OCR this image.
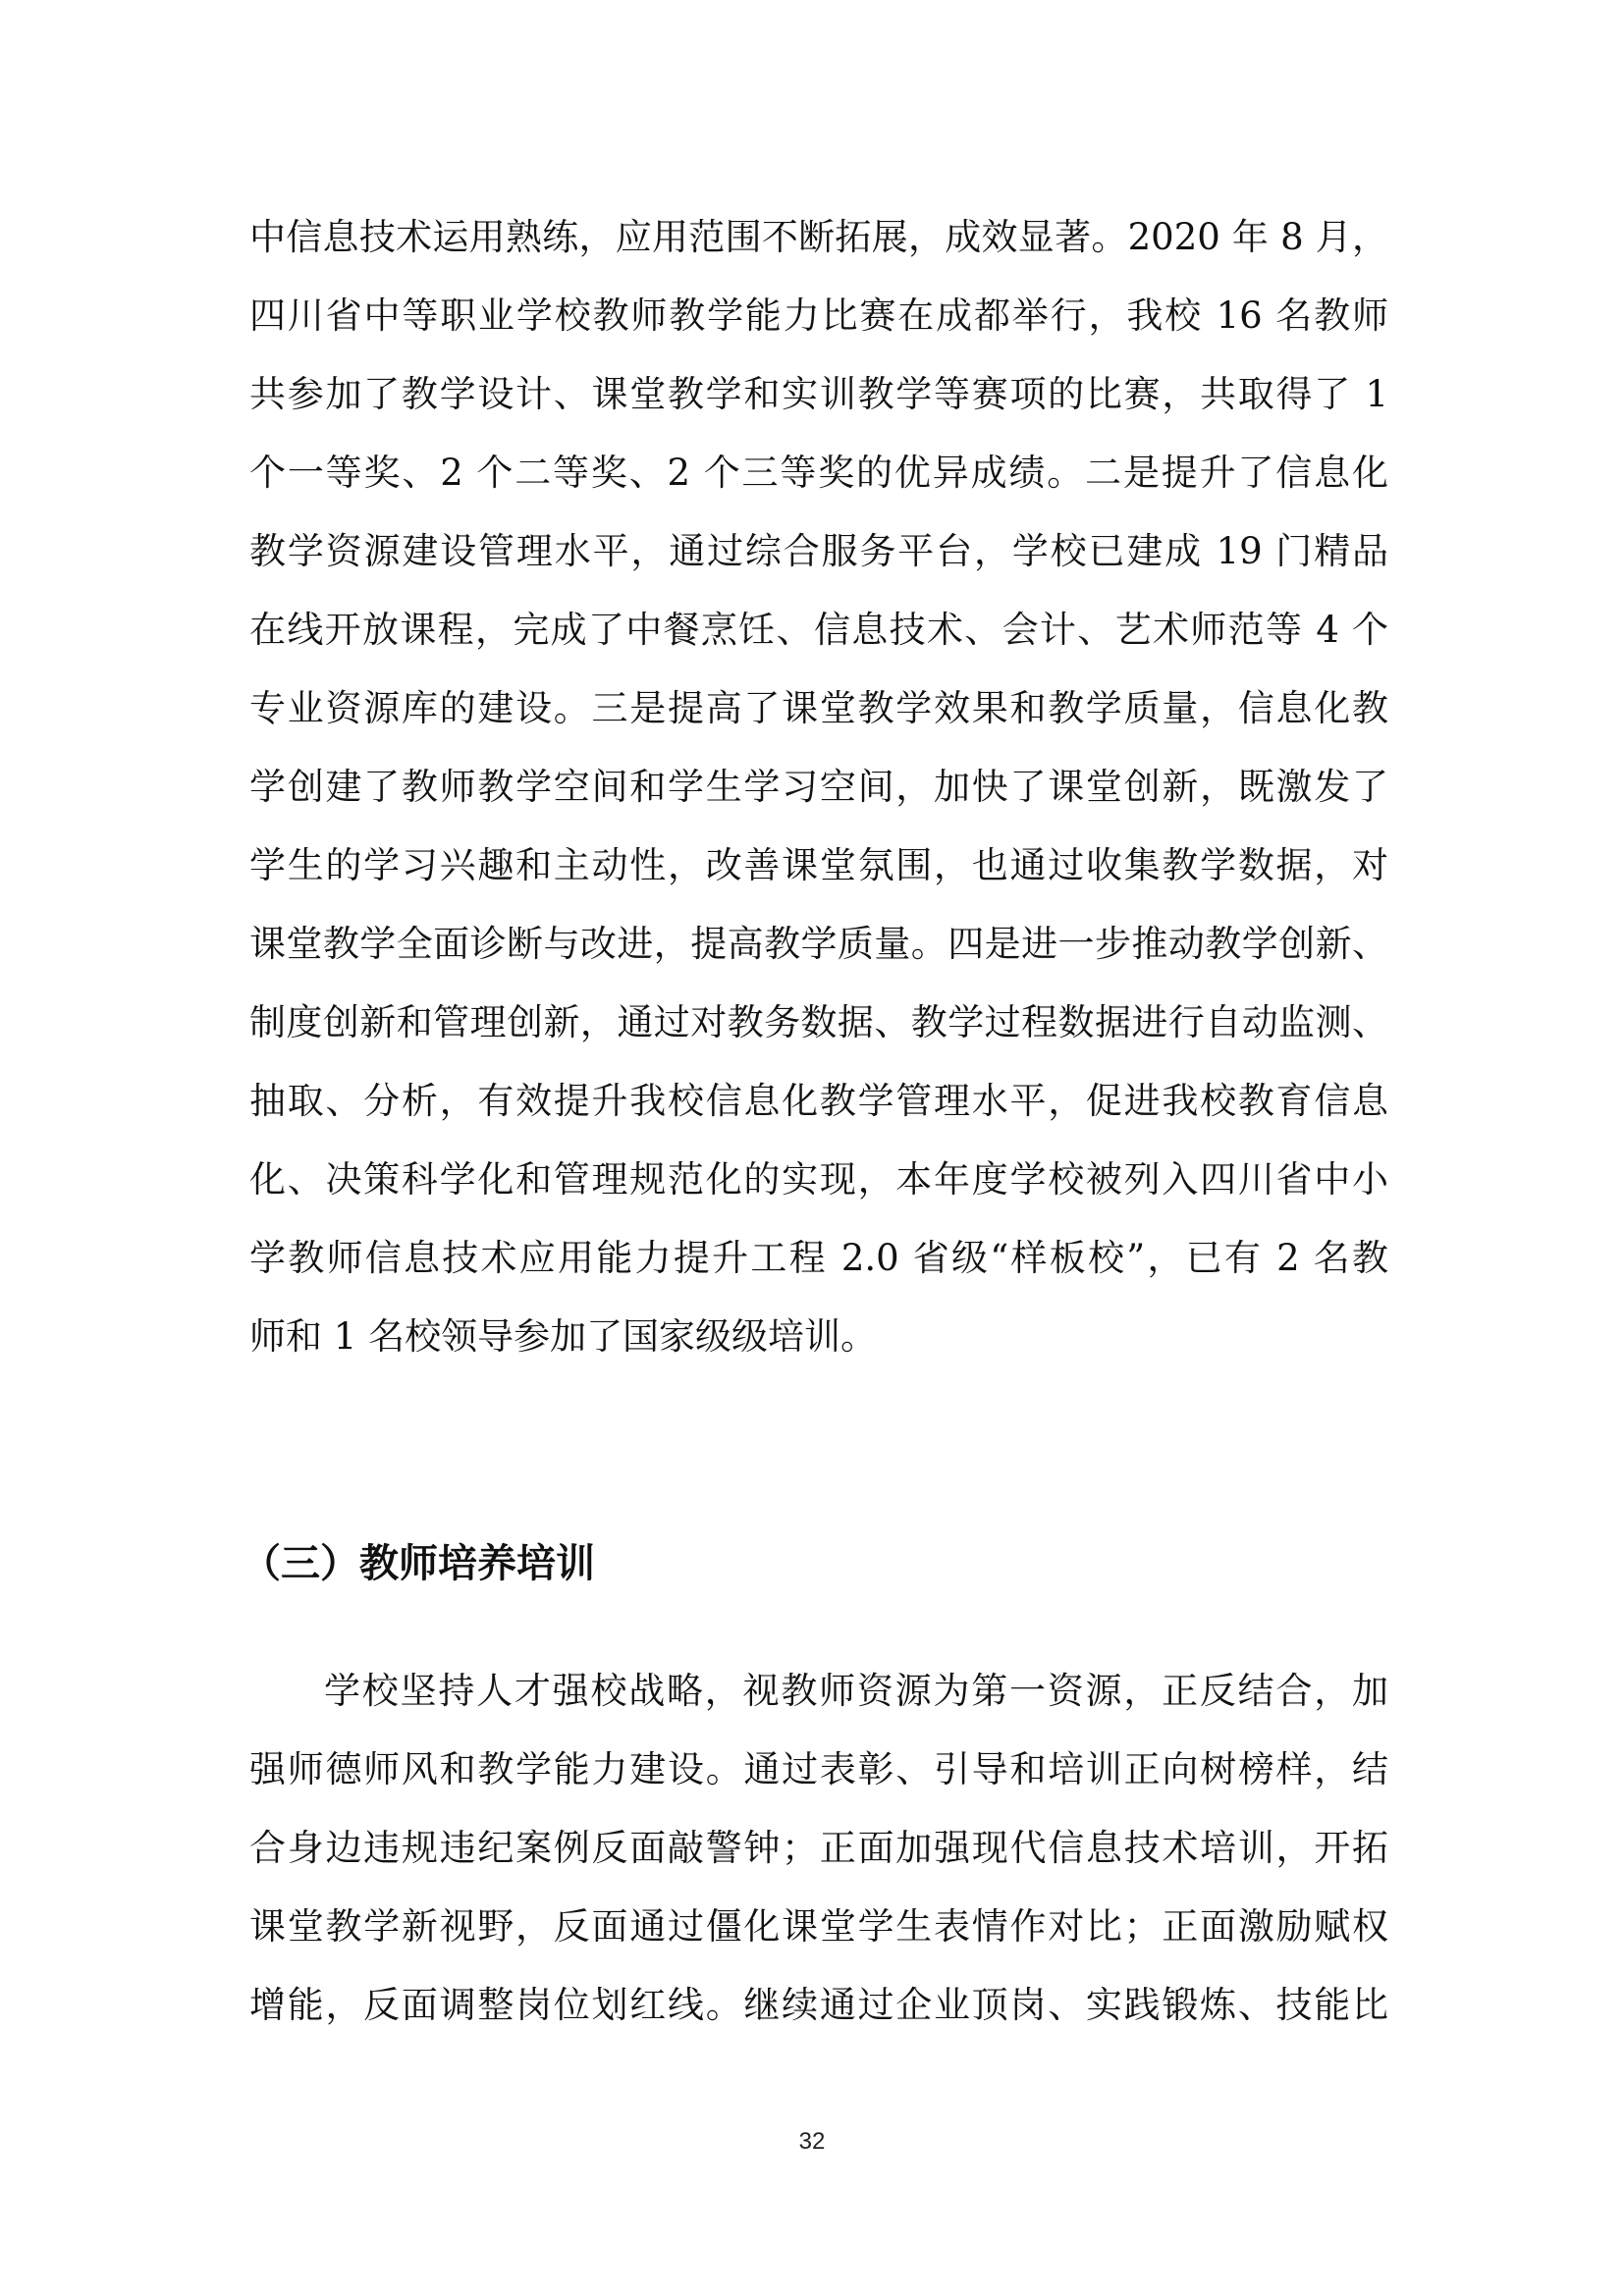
中信息技术运用熟练，应用范围不断拓展，成效显著。2020 年 8 月，
四川省中等职业学校教师教学能力比赛在成都举行，我校 16 名教师
共参加了教学设计、课堂教学和实训教学等赛项的比赛，共取得了 1
个一等奖、2 个二等奖、2 个三等奖的优异成绩。二是提升了信息化
教学资源建设管理水平，通过综合服务平台，学校已建成 19 门精品
在线开放课程，完成了中餐烹饪、信息技术、会计、艺术师范等 4 个
专业资源库的建设。三是提高了课堂教学效果和教学质量，信息化教
学创建了教师教学空间和学生学习空间，加快了课堂创新，既激发了
学生的学习兴趣和主动性，改善课堂氛围，也通过收集教学数据，对
课堂教学全面诊断与改进，提高教学质量。四是进一步推动教学创新、
制度创新和管理创新，通过对教务数据、教学过程数据进行自动监测、
抽取、分析，有效提升我校信息化教学管理水平，促进我校教育信息
化、决策科学化和管理规范化的实现，本年度学校被列入四川省中小
学教师信息技术应用能力提升工程 2.0 省级“样板校”，已有 2 名教
师和 1 名校领导参加了国家级级培训。
（三）教师培养培训
学校坚持人才强校战略，视教师资源为第一资源，正反结合，加
强师德师风和教学能力建设。通过表彰、引导和培训正向树榜样，结
合身边违规违纪案例反面敲警钟；正面加强现代信息技术培训，开拓
课堂教学新视野，反面通过僵化课堂学生表情作对比；正面激励赋权
增能，反面调整岗位划红线。继续通过企业顶岗、实践锻炼、技能比
32
